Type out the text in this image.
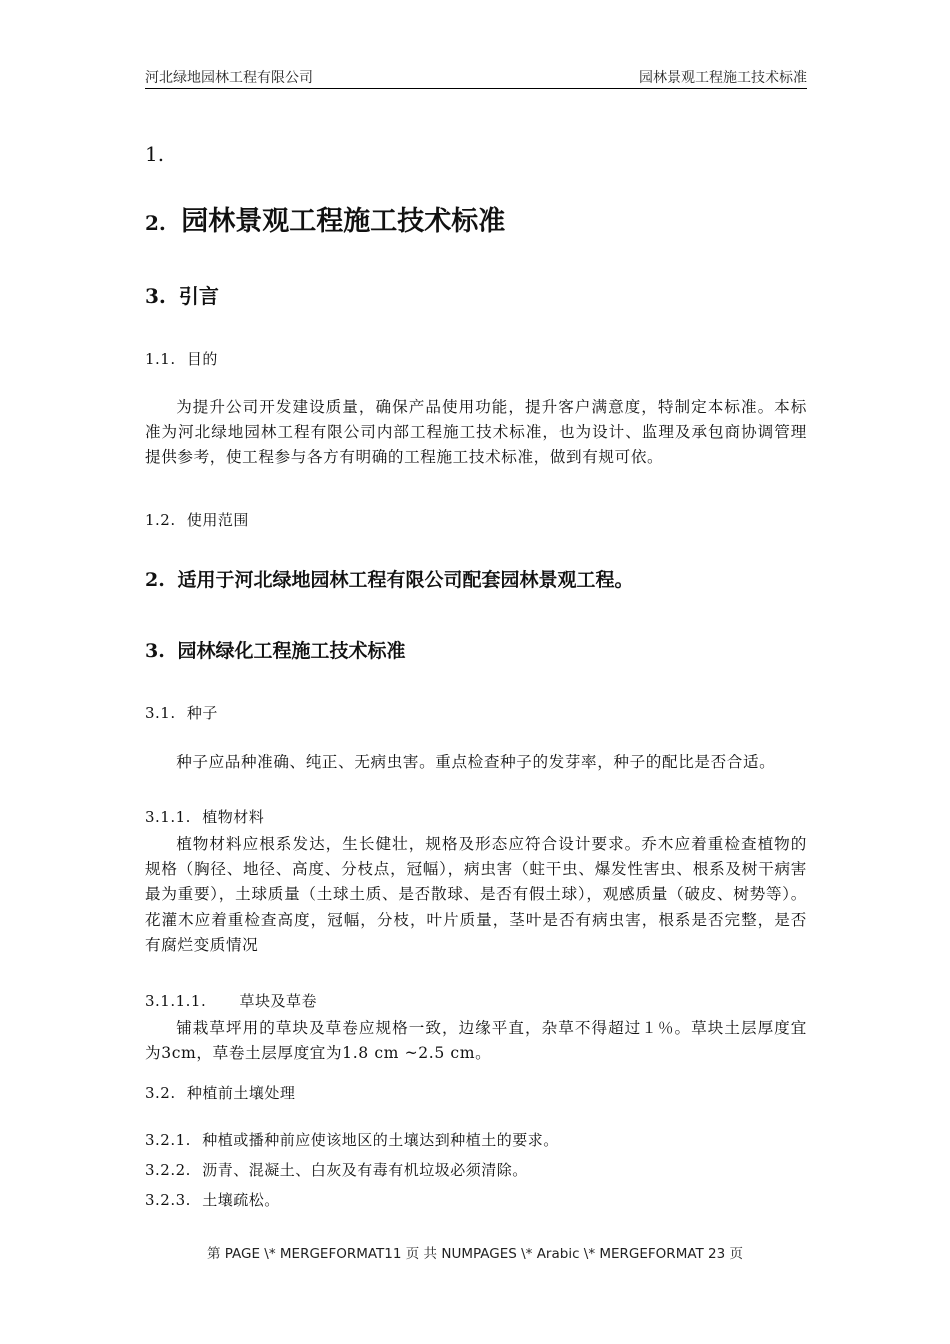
河北绿地园林工程有限公司	园林景观工程施工技术标准
1.
2. 园林景观工程施工技术标准
3. 引言
1.1. 目的

为提升公司开发建设质量，确保产品使用功能，提升客户满意度，特制定本标准。本标准为河北绿地园林工程有限公司内部工程施工技术标准，也为设计、监理及承包商协调管理提供参考，使工程参与各方有明确的工程施工技术标准，做到有规可依。

1.2. 使用范围
2. 适用于河北绿地园林工程有限公司配套园林景观工程。
3. 园林绿化工程施工技术标准
3.1. 种子

种子应品种准确、纯正、无病虫害。重点检查种子的发芽率，种子的配比是否合适。

3.1.1. 植物材料

植物材料应根系发达，生长健壮，规格及形态应符合设计要求。乔木应着重检查植物的规格（胸径、地径、高度、分枝点，冠幅），病虫害（蛀干虫、爆发性害虫、根系及树干病害最为重要），土球质量（土球土质、是否散球、是否有假土球），观感质量（破皮、树势等）。花灌木应着重检查高度，冠幅，分枝，叶片质量，茎叶是否有病虫害，根系是否完整，是否有腐烂变质情况

3.1.1.1. 草块及草卷

铺栽草坪用的草块及草卷应规格一致，边缘平直，杂草不得超过１％。草块土层厚度宜为3cm，草卷土层厚度宜为1.8 cm ~2.5 cm。

3.2. 种植前土壤处理
3.2.1. 种植或播种前应使该地区的土壤达到种植土的要求。
3.2.2. 沥青、混凝土、白灰及有毒有机垃圾必须清除。
3.2.3. 土壤疏松。
第 PAGE \* MERGEFORMAT11 页 共 NUMPAGES \* Arabic \* MERGEFORMAT 23 页
